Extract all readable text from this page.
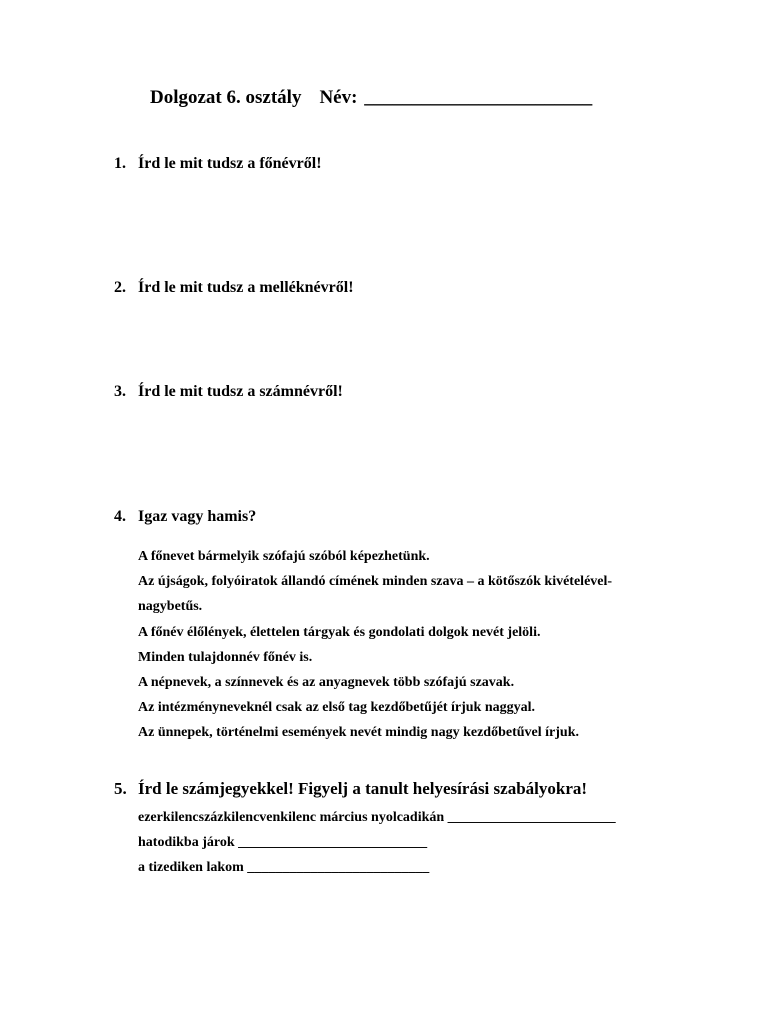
Dolgozat 6. osztály Név: ________________________
1. Írd le mit tudsz a főnévről!
2. Írd le mit tudsz a melléknévről!
3. Írd le mit tudsz a számnévről!
4. Igaz vagy hamis?
A főnevet bármelyik szófajú szóból képezhetünk.
Az újságok, folyóiratok állandó címének minden szava – a kötőszók kivételével-
nagybetűs.
A főnév élőlények, élettelen tárgyak és gondolati dolgok nevét jelöli.
Minden tulajdonnév főnév is.
A népnevek, a színnevek és az anyagnevek több szófajú szavak.
Az intézményneveknél csak az első tag kezdőbetűjét írjuk naggyal.
Az ünnepek, történelmi események nevét mindig nagy kezdőbetűvel írjuk.
5. Írd le számjegyekkel! Figyelj a tanult helyesírási szabályokra!
ezerkilencszázkilencvenkilenc március nyolcadikán ________________________
hatodikba járok ___________________________
a tizediken lakom __________________________
